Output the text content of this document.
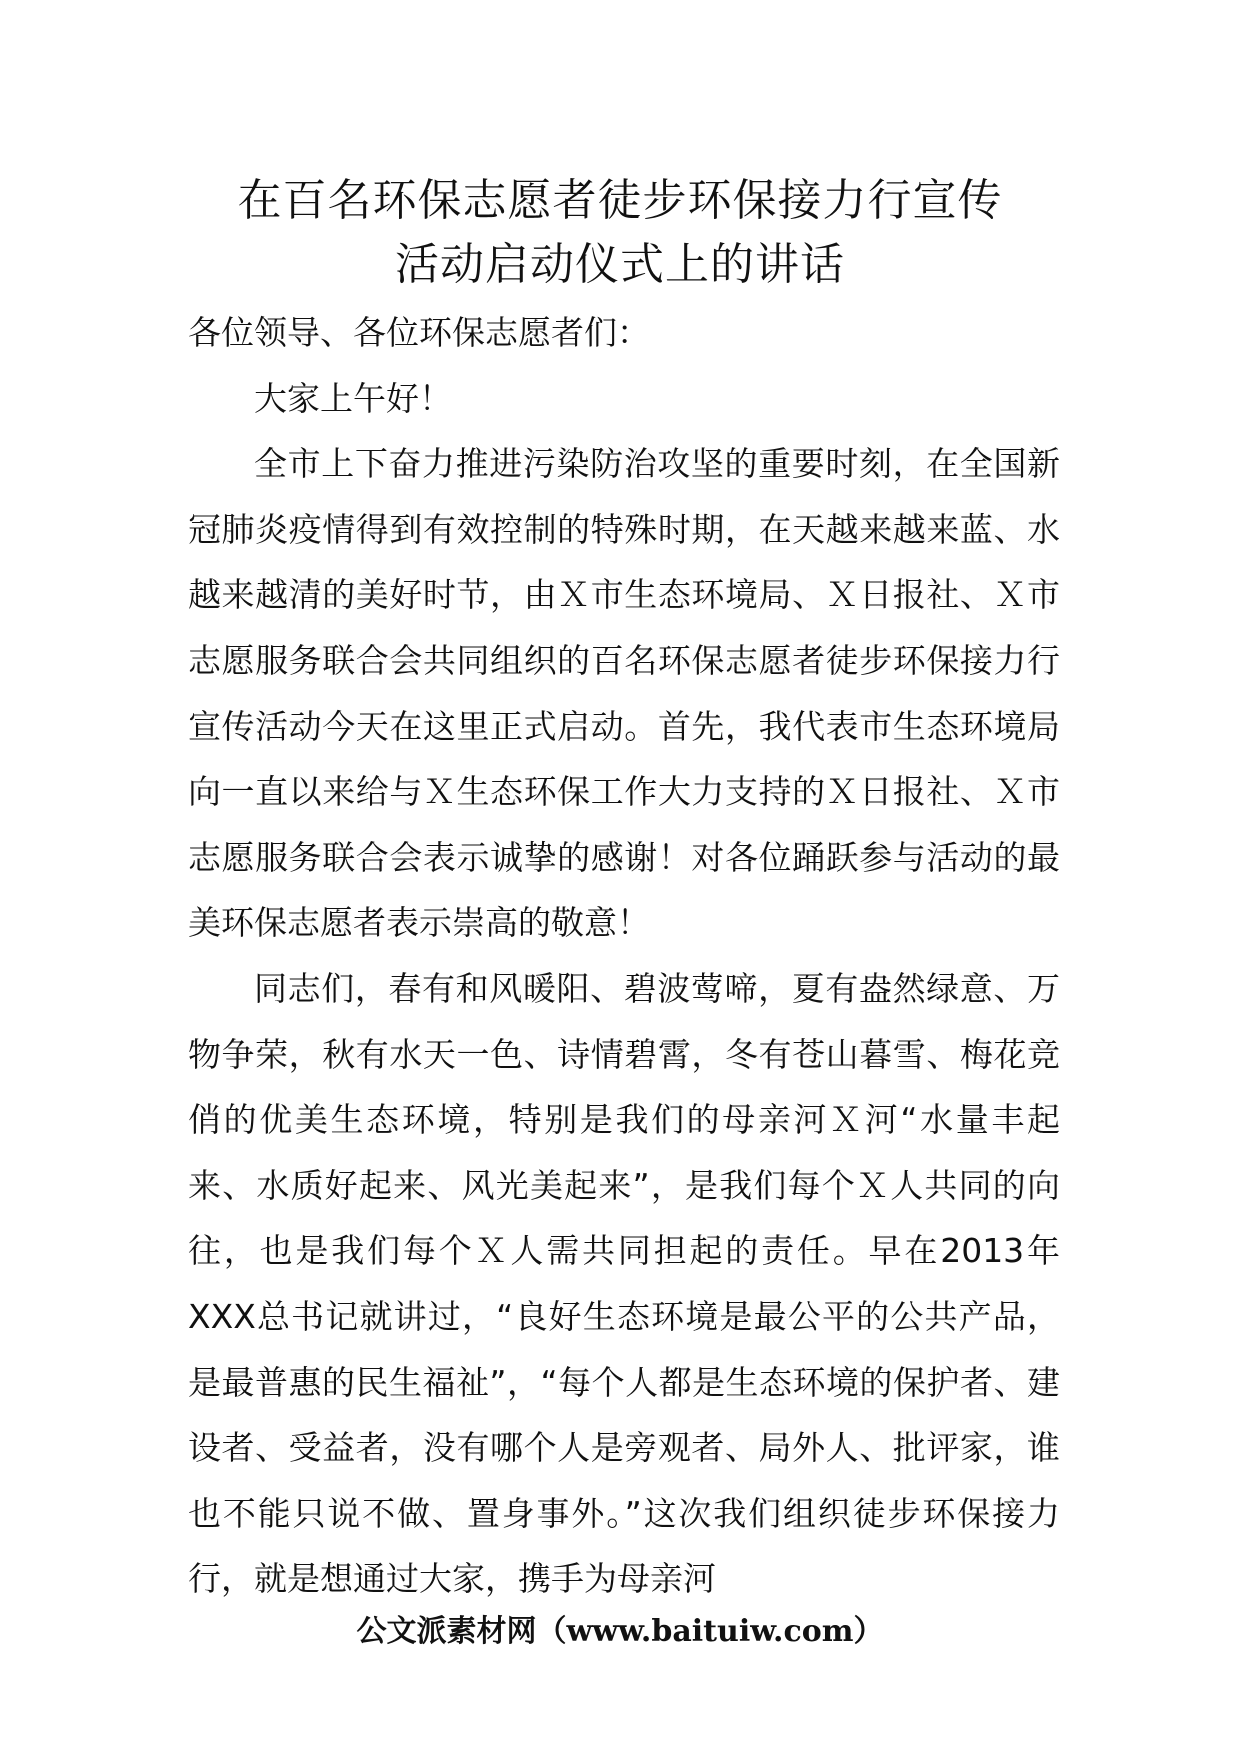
在百名环保志愿者徒步环保接力行宣传
活动启动仪式上的讲话

各位领导、各位环保志愿者们：

大家上午好！

全市上下奋力推进污染防治攻坚的重要时刻，在全国新冠肺炎疫情得到有效控制的特殊时期，在天越来越来蓝、水越来越清的美好时节，由Ｘ市生态环境局、Ｘ日报社、Ｘ市志愿服务联合会共同组织的百名环保志愿者徒步环保接力行宣传活动今天在这里正式启动。首先，我代表市生态环境局向一直以来给与Ｘ生态环保工作大力支持的Ｘ日报社、Ｘ市志愿服务联合会表示诚挚的感谢！对各位踊跃参与活动的最美环保志愿者表示崇高的敬意！

同志们，春有和风暖阳、碧波莺啼，夏有盎然绿意、万物争荣，秋有水天一色、诗情碧霄，冬有苍山暮雪、梅花竞俏的优美生态环境，特别是我们的母亲河Ｘ河“水量丰起来、水质好起来、风光美起来”，是我们每个Ｘ人共同的向往，也是我们每个Ｘ人需共同担起的责任。早在2013年XXX总书记就讲过，“良好生态环境是最公平的公共产品，是最普惠的民生福祉”，“每个人都是生态环境的保护者、建设者、受益者，没有哪个人是旁观者、局外人、批评家，谁也不能只说不做、置身事外。”这次我们组织徒步环保接力行，就是想通过大家，携手为母亲河

公文派素材网（www.baituiw.com）
